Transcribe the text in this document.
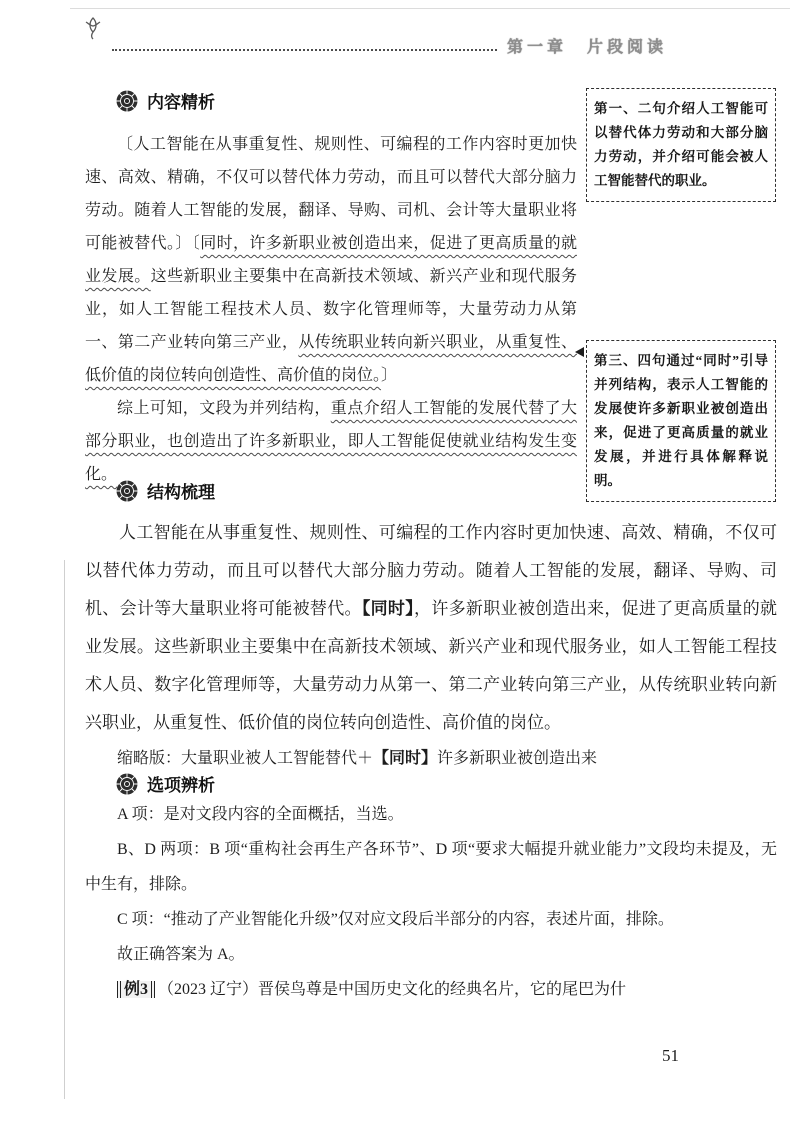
第一章　片段阅读
第一、二句介绍人工智能可以替代体力劳动和大部分脑力劳动，并介绍可能会被人工智能替代的职业。
第三、四句通过“同时”引导并列结构，表示人工智能的发展使许多新职业被创造出来，促进了更高质量的就业发展，并进行具体解释说明。
内容精析

〔人工智能在从事重复性、规则性、可编程的工作内容时更加快速、高效、精确，不仅可以替代体力劳动，而且可以替代大部分脑力劳动。随着人工智能的发展，翻译、导购、司机、会计等大量职业将可能被替代。〕〔同时，许多新职业被创造出来，促进了更高质量的就业发展。这些新职业主要集中在高新技术领域、新兴产业和现代服务业，如人工智能工程技术人员、数字化管理师等，大量劳动力从第一、第二产业转向第三产业，从传统职业转向新兴职业，从重复性、低价值的岗位转向创造性、高价值的岗位。〕

综上可知，文段为并列结构，重点介绍人工智能的发展代替了大部分职业，也创造出了许多新职业，即人工智能促使就业结构发生变化。

结构梳理

人工智能在从事重复性、规则性、可编程的工作内容时更加快速、高效、精确，不仅可以替代体力劳动，而且可以替代大部分脑力劳动。随着人工智能的发展，翻译、导购、司机、会计等大量职业将可能被替代。【同时】，许多新职业被创造出来，促进了更高质量的就业发展。这些新职业主要集中在高新技术领域、新兴产业和现代服务业，如人工智能工程技术人员、数字化管理师等，大量劳动力从第一、第二产业转向第三产业，从传统职业转向新兴职业，从重复性、低价值的岗位转向创造性、高价值的岗位。

缩略版：大量职业被人工智能替代＋【同时】许多新职业被创造出来
选项辨析

A 项：是对文段内容的全面概括，当选。

B、D 两项：B 项“重构社会再生产各环节”、D 项“要求大幅提升就业能力”文段均未提及，无中生有，排除。

C 项：“推动了产业智能化升级”仅对应文段后半部分的内容，表述片面，排除。

故正确答案为 A。

例3 （2023 辽宁）晋侯鸟尊是中国历史文化的经典名片，它的尾巴为什

51
